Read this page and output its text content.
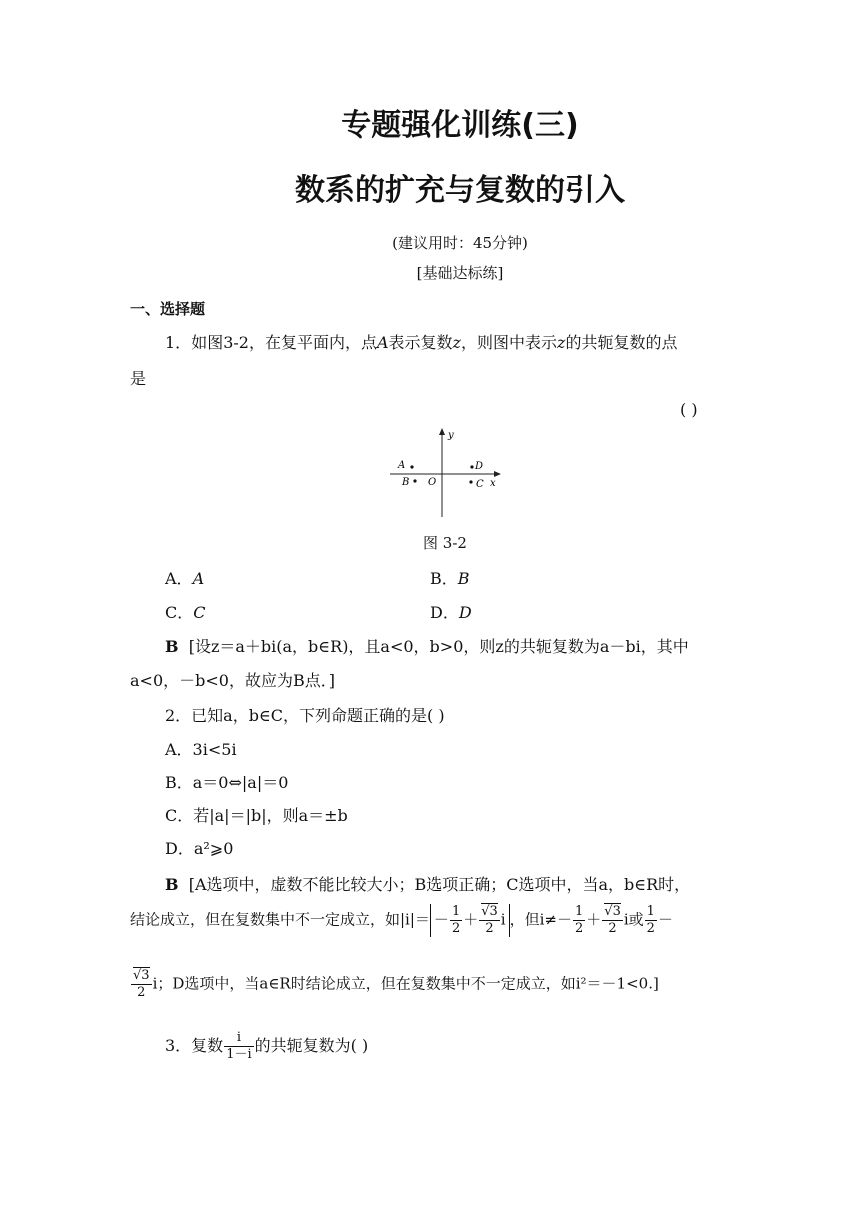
专题强化训练(三)
数系的扩充与复数的引入
(建议用时：45分钟)
[基础达标练]
一、选择题
1．如图3-2，在复平面内，点A表示复数z，则图中表示z的共轭复数的点
是
( )
y
x
O
A
B
D
C
图 3-2
A．A	B．B
C．C	D．D
B [设z＝a＋bi(a，b∈R)，且a<0，b>0，则z的共轭复数为a－bi，其中
a<0，－b<0，故应为B点．]
2．已知a，b∈C，下列命题正确的是( )
A．3i<5i
B．a＝0⇔|a|＝0
C．若|a|＝|b|，则a＝±b
D．a²⩾0
B [A选项中，虚数不能比较大小；B选项正确；C选项中，当a，b∈R时，
结论成立，但在复数集中不一定成立，如$|i|= - \frac{1}{2} + \frac{√3}{2}$ i ，但$i\ne- \frac{1}{2} + \frac{√3}{2}$ i或 $\frac{1}{2}$ －
$\frac{√3}{2}$ i；D选项中，当a∈R时结论成立，但在复数集中不一定成立，如i²＝－1<0.]
3．复数 $\frac{i}{1-i}$ 的共轭复数为( )
